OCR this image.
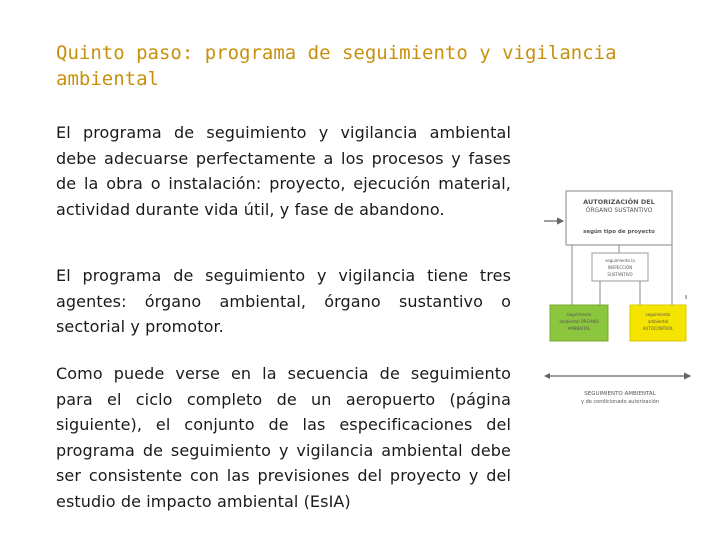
Quinto paso: programa de seguimiento y vigilancia
ambiental

El programa de seguimiento y vigilancia ambiental debe adecuarse perfectamente a los procesos y fases de la obra o instalación: proyecto, ejecución material, actividad durante vida útil, y fase de abandono.

El programa de seguimiento y vigilancia tiene tres agentes: órgano ambiental, órgano sustantivo o sectorial y promotor.

Como puede verse en la secuencia de seguimiento para el ciclo completo de un aeropuerto (página siguiente), el conjunto de las especificaciones del programa de seguimiento y vigilancia ambiental debe ser consistente con las previsiones del proyecto y del estudio de impacto ambiental (EsIA)

AUTORIZACIÓN DEL
ÓRGANO SUSTANTIVO
según tipo de proyecto
seguimiento la
INSPECCIÓN
SUSTANTIVO
seguimiento
ambiental ÓRGANO
AMBIENTAL
seguimiento
ambiental
AUTOCONTROL
SEGUIMIENTO AMBIENTAL
y de condicionado autorización
